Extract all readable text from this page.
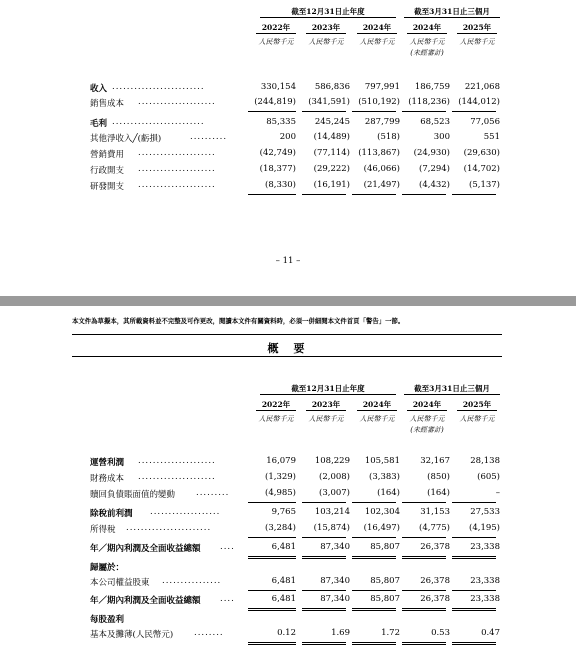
截至12月31日止年度	截至3月31日止三個月
2022年	2023年	2024年	2024年	2025年
人民幣千元	人民幣千元	人民幣千元	人民幣千元	人民幣千元
(未經審計)
收入 .........................	330,154	586,836	797,991	186,759	221,068
銷售成本 .....................	(244,819)	(341,591) (510,192) (118,236) (144,012)
毛利 .........................	85,335	245,245	287,799	68,523	77,056
其他淨收入╱(虧損)	..........	200	(14,489)	(518)	300	551
營銷費用 .....................	(42,749)	(77,114) (113,867)	(24,930)	(29,630)
行政開支 .....................	(18,377)	(29,222)	(46,066)	(7,294)	(14,702)
研發開支 .....................	(8,330)	(16,191)	(21,497)	(4,432)	(5,137)
– 11 –
本文件為草擬本，其所載資料並不完整及可作更改，閱讀本文件有關資料時，必須一併細閱本文件首頁「警告」一節。
概　要
截至12月31日止年度	截至3月31日止三個月
2022年	2023年	2024年	2024年	2025年
人民幣千元	人民幣千元	人民幣千元	人民幣千元	人民幣千元
(未經審計)
運營利潤 .....................	16,079	108,229	105,581	32,167	28,138
財務成本 .....................	(1,329)	(2,008)	(3,383)	(850)	(605)
贖回負債賬面值的變動 .........	(4,985)	(3,007)	(164)	(164)	–
除稅前利潤 ...................	9,765	103,214	102,304	31,153	27,533
所得稅 .......................	(3,284)	(15,874)	(16,497)	(4,775)	(4,195)
年／期內利潤及全面收益總額 ....	6,481	87,340	85,807	26,378	23,338
歸屬於：
本公司權益股東 ................	6,481	87,340	85,807	26,378	23,338
年／期內利潤及全面收益總額 ....	6,481	87,340	85,807	26,378	23,338
每股盈利
基本及攤薄(人民幣元) ........	0.12	1.69	1.72	0.53	0.47
